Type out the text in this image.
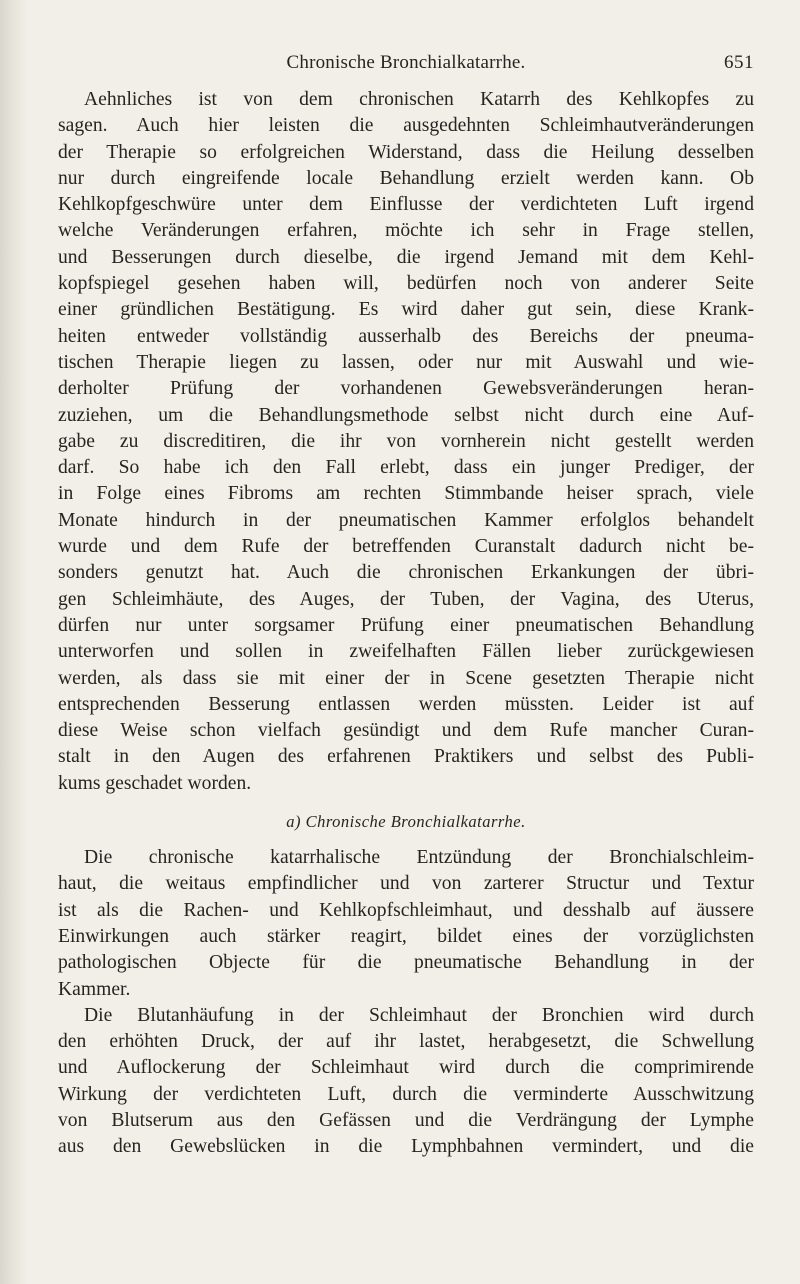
Chronische Bronchialkatarrhe.	651
Aehnliches ist von dem chronischen Katarrh des Kehlkopfes zu
sagen. Auch hier leisten die ausgedehnten Schleimhautveränderungen
der Therapie so erfolgreichen Widerstand, dass die Heilung desselben
nur durch eingreifende locale Behandlung erzielt werden kann. Ob
Kehlkopfgeschwüre unter dem Einflusse der verdichteten Luft irgend
welche Veränderungen erfahren, möchte ich sehr in Frage stellen,
und Besserungen durch dieselbe, die irgend Jemand mit dem Kehl-
kopfspiegel gesehen haben will, bedürfen noch von anderer Seite
einer gründlichen Bestätigung. Es wird daher gut sein, diese Krank-
heiten entweder vollständig ausserhalb des Bereichs der pneuma-
tischen Therapie liegen zu lassen, oder nur mit Auswahl und wie-
derholter Prüfung der vorhandenen Gewebsveränderungen heran-
zuziehen, um die Behandlungsmethode selbst nicht durch eine Auf-
gabe zu discreditiren, die ihr von vornherein nicht gestellt werden
darf. So habe ich den Fall erlebt, dass ein junger Prediger, der
in Folge eines Fibroms am rechten Stimmbande heiser sprach, viele
Monate hindurch in der pneumatischen Kammer erfolglos behandelt
wurde und dem Rufe der betreffenden Curanstalt dadurch nicht be-
sonders genutzt hat. Auch die chronischen Erkankungen der übri-
gen Schleimhäute, des Auges, der Tuben, der Vagina, des Uterus,
dürfen nur unter sorgsamer Prüfung einer pneumatischen Behandlung
unterworfen und sollen in zweifelhaften Fällen lieber zurückgewiesen
werden, als dass sie mit einer der in Scene gesetzten Therapie nicht
entsprechenden Besserung entlassen werden müssten. Leider ist auf
diese Weise schon vielfach gesündigt und dem Rufe mancher Curan-
stalt in den Augen des erfahrenen Praktikers und selbst des Publi-
kums geschadet worden.
a) Chronische Bronchialkatarrhe.
Die chronische katarrhalische Entzündung der Bronchialschleim-
haut, die weitaus empfindlicher und von zarterer Structur und Textur
ist als die Rachen- und Kehlkopfschleimhaut, und desshalb auf äussere
Einwirkungen auch stärker reagirt, bildet eines der vorzüglichsten
pathologischen Objecte für die pneumatische Behandlung in der
Kammer.
Die Blutanhäufung in der Schleimhaut der Bronchien wird durch
den erhöhten Druck, der auf ihr lastet, herabgesetzt, die Schwellung
und Auflockerung der Schleimhaut wird durch die comprimirende
Wirkung der verdichteten Luft, durch die verminderte Ausschwitzung
von Blutserum aus den Gefässen und die Verdrängung der Lymphe
aus den Gewebslücken in die Lymphbahnen vermindert, und die
